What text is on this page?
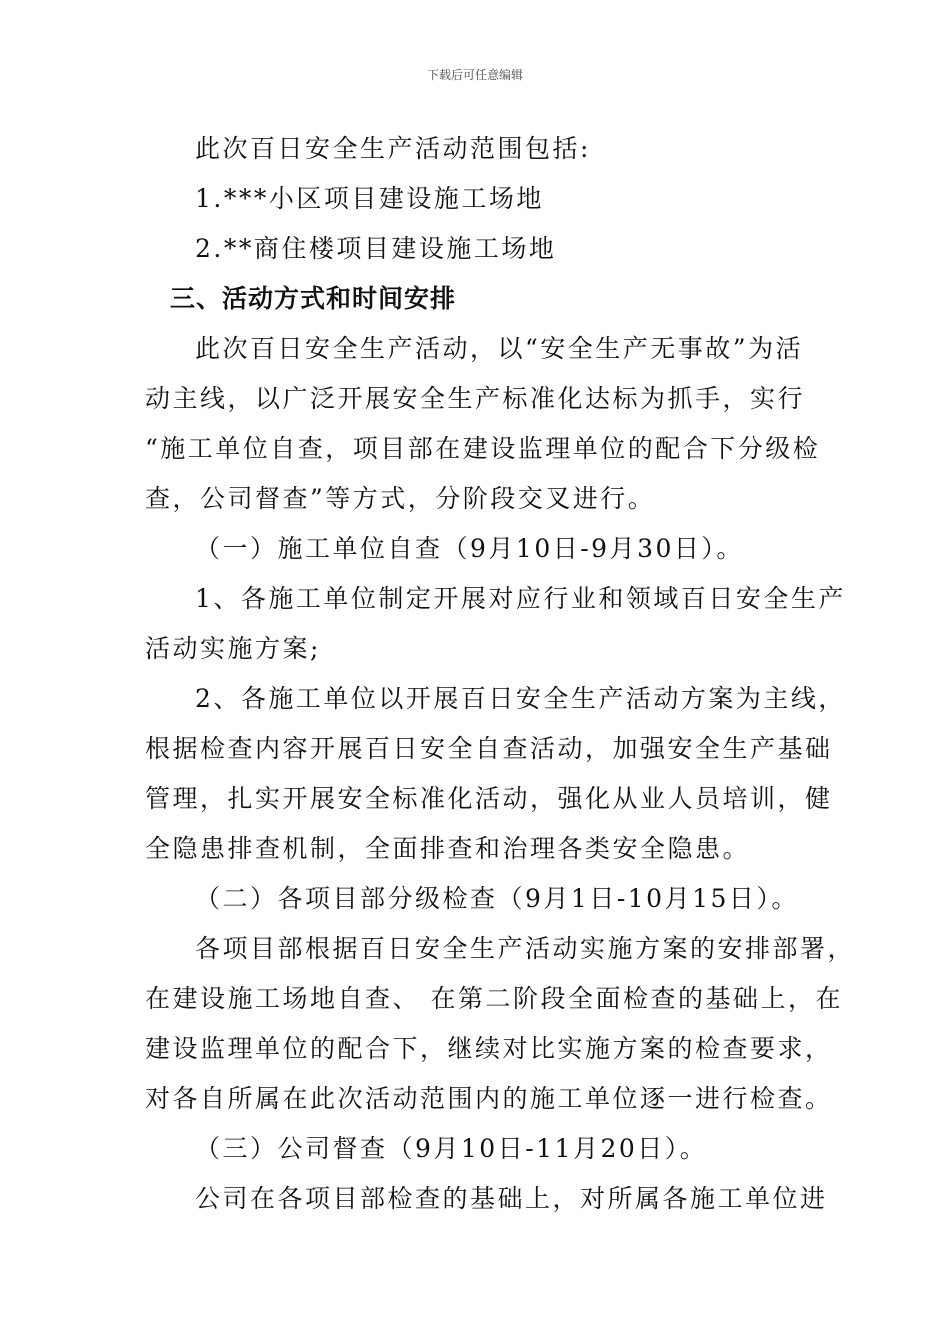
下载后可任意编辑
此次百日安全生产活动范围包括:
1.***小区项目建设施工场地
2.**商住楼项目建设施工场地
三、活动方式和时间安排
此次百日安全生产活动，以“安全生产无事故”为活
动主线，以广泛开展安全生产标准化达标为抓手，实行
“施工单位自查，项目部在建设监理单位的配合下分级检
查，公司督查”等方式，分阶段交叉进行。
（一）施工单位自查（9月10日-9月30日）。
1、各施工单位制定开展对应行业和领域百日安全生产
活动实施方案;
2、各施工单位以开展百日安全生产活动方案为主线，
根据检查内容开展百日安全自查活动，加强安全生产基础
管理，扎实开展安全标准化活动，强化从业人员培训，健
全隐患排查机制，全面排查和治理各类安全隐患。
（二）各项目部分级检查（9月1日-10月15日）。
各项目部根据百日安全生产活动实施方案的安排部署，
在建设施工场地自查、 在第二阶段全面检查的基础上，在
建设监理单位的配合下，继续对比实施方案的检查要求，
对各自所属在此次活动范围内的施工单位逐一进行检查。
（三）公司督查（9月10日-11月20日）。
公司在各项目部检查的基础上，对所属各施工单位进
